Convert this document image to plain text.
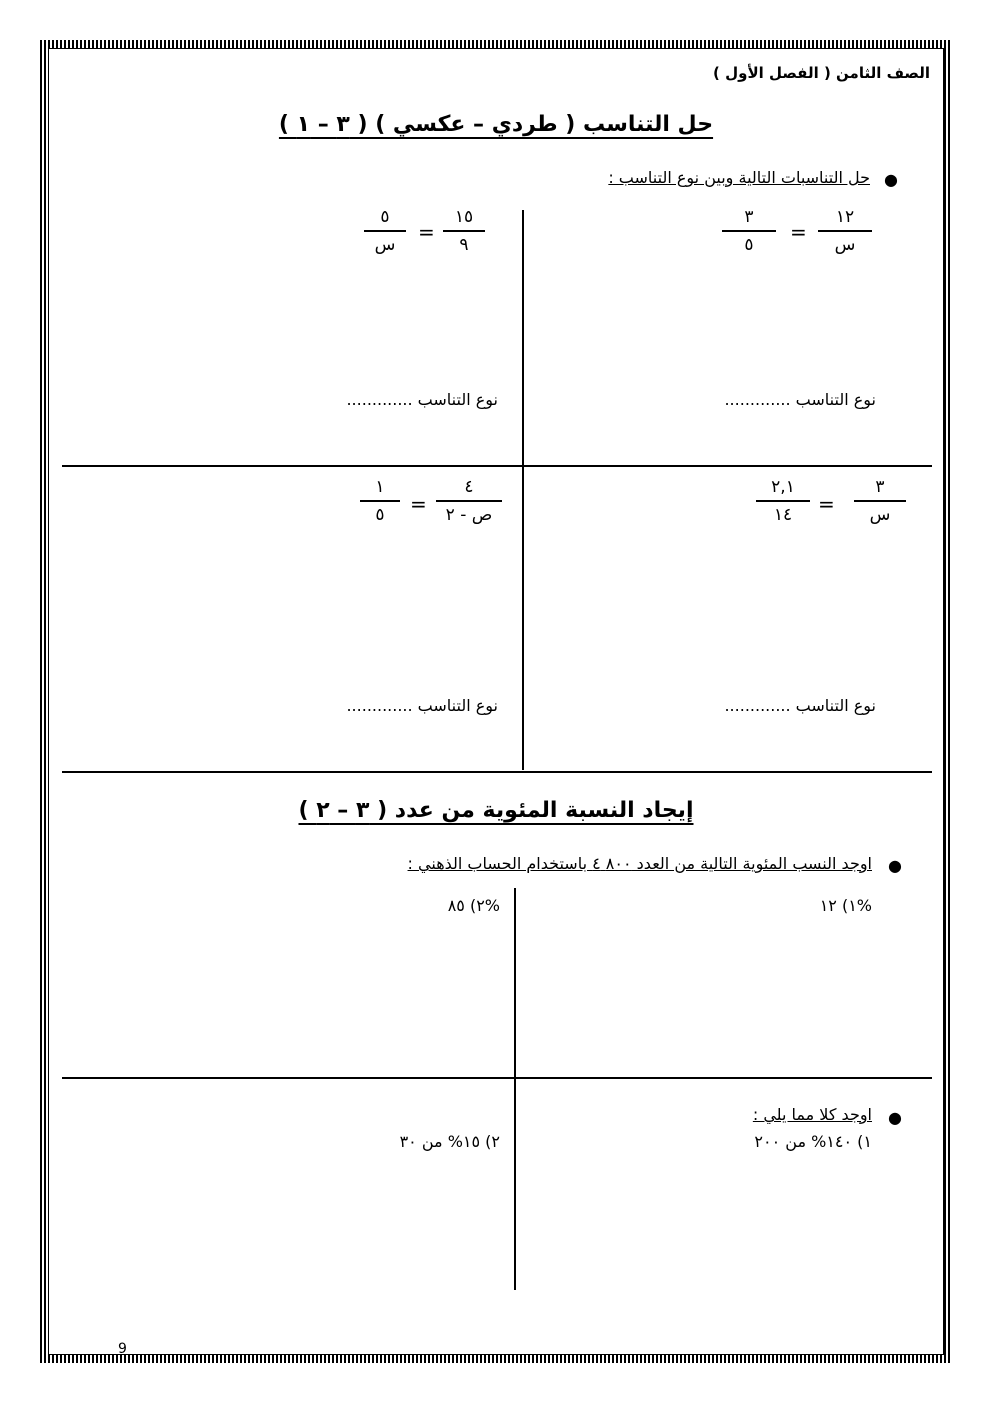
الصف الثامن ( الفصل الأول )
حل التناسب ( طردي – عكسي ) ( ٣ – ١ )
●
حل التناسبات التالية وبين نوع التناسب :
١٢
س
=
٣
٥
نوع التناسب .............
١٥
٩
=
٥
س
نوع التناسب .............
٣
س
=
٢,١
١٤
نوع التناسب .............
٤
ص - ٢
=
١
٥
نوع التناسب .............
إيجاد النسبة المئوية من عدد ( ٣ – ٢ )
●
اوجد النسب المئوية التالية من العدد ٨٠٠ ٤ باستخدام الحساب الذهني :
١) ١٢%
٢) ٨٥%
●
اوجد كلا مما يلي :
١) ١٤٠% من ٢٠٠
٢) ١٥% من ٣٠
9
